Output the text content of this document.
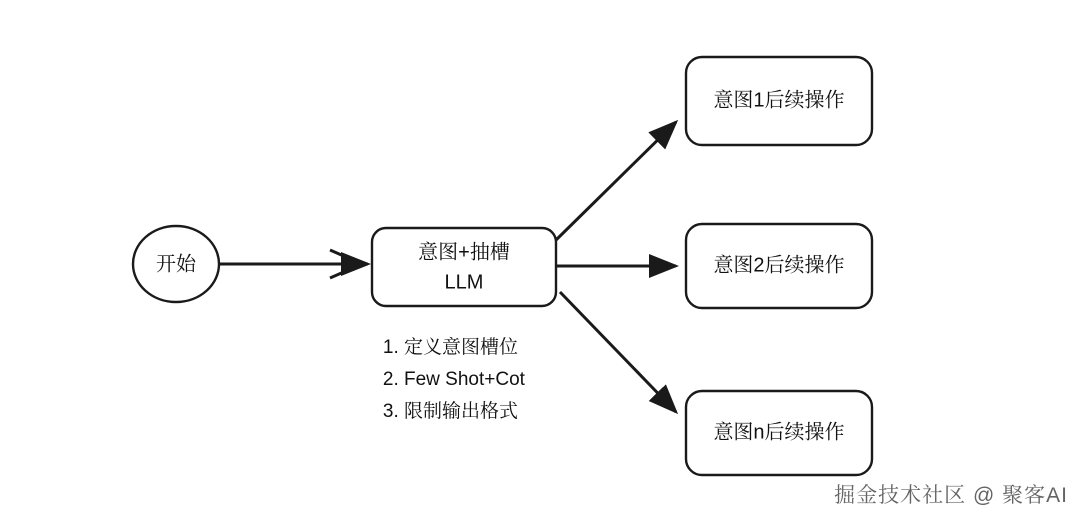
开始
意图+抽槽
LLM
意图1后续操作
意图2后续操作
意图n后续操作
1. 定义意图槽位
2. Few Shot+Cot
3. 限制输出格式
掘金技术社区 @ 聚客AI
